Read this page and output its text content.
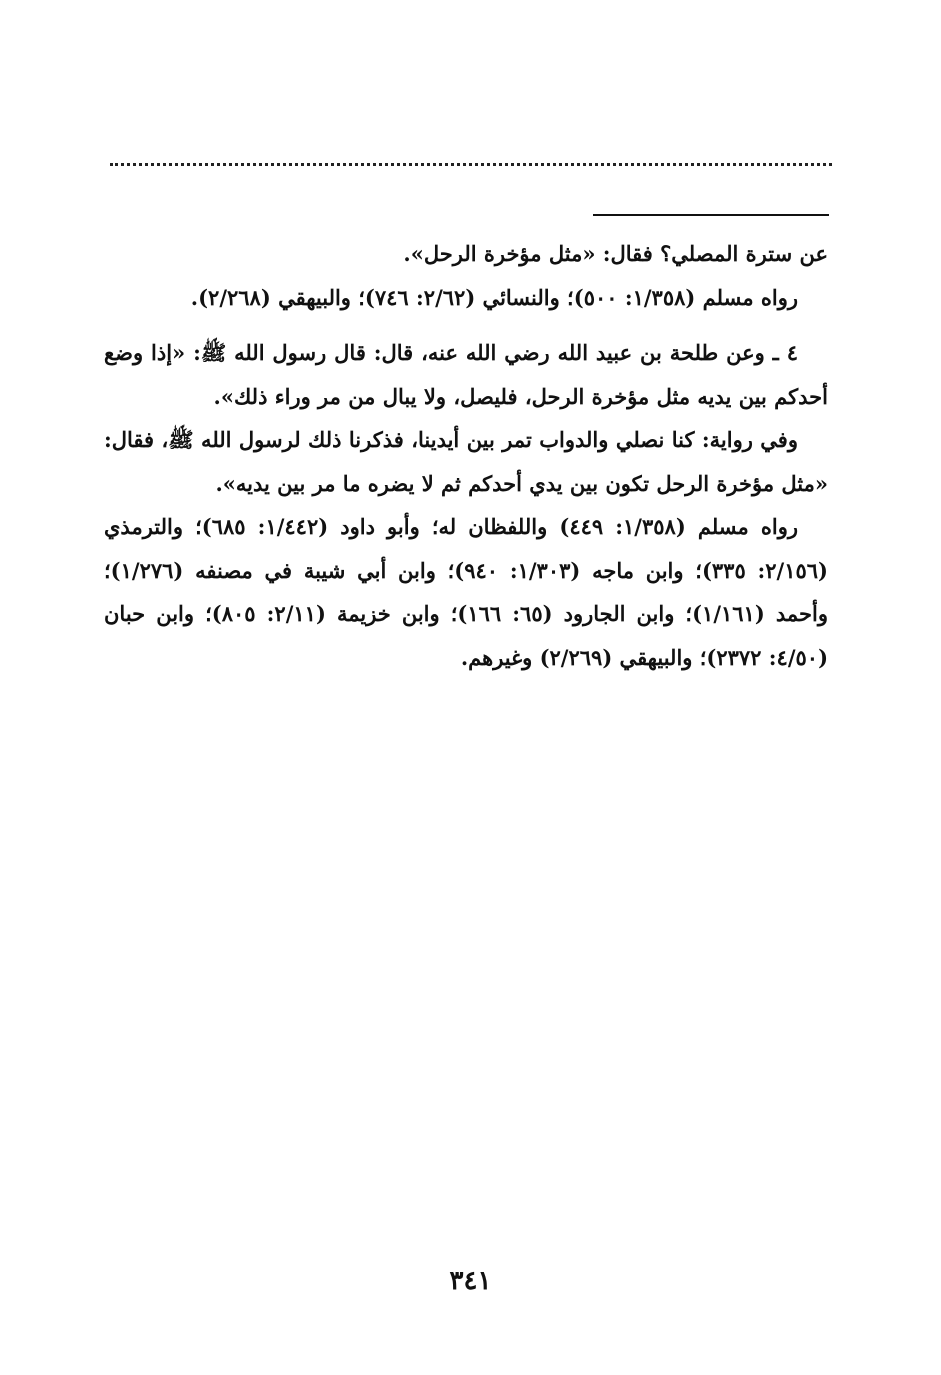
عن سترة المصلي؟ فقال: «مثل مؤخرة الرحل».

رواه مسلم (١/٣٥٨: ٥٠٠)؛ والنسائي (٢/٦٢: ٧٤٦)؛ والبيهقي (٢/٢٦٨).

٤ ـ وعن طلحة بن عبيد الله رضي الله عنه، قال: قال رسول الله ﷺ: «إذا وضع أحدكم بين يديه مثل مؤخرة الرحل، فليصل، ولا يبال من مر وراء ذلك».

وفي رواية: كنا نصلي والدواب تمر بين أيدينا، فذكرنا ذلك لرسول الله ﷺ، فقال: «مثل مؤخرة الرحل تكون بين يدي أحدكم ثم لا يضره ما مر بين يديه».

رواه مسلم (١/٣٥٨: ٤٤٩) واللفظان له؛ وأبو داود (١/٤٤٢: ٦٨٥)؛ والترمذي (٢/١٥٦: ٣٣٥)؛ وابن ماجه (١/٣٠٣: ٩٤٠)؛ وابن أبي شيبة في مصنفه (١/٢٧٦)؛ وأحمد (١/١٦١)؛ وابن الجارود (٦٥: ١٦٦)؛ وابن خزيمة (٢/١١: ٨٠٥)؛ وابن حبان (٤/٥٠: ٢٣٧٢)؛ والبيهقي (٢/٢٦٩) وغيرهم.

٣٤١
